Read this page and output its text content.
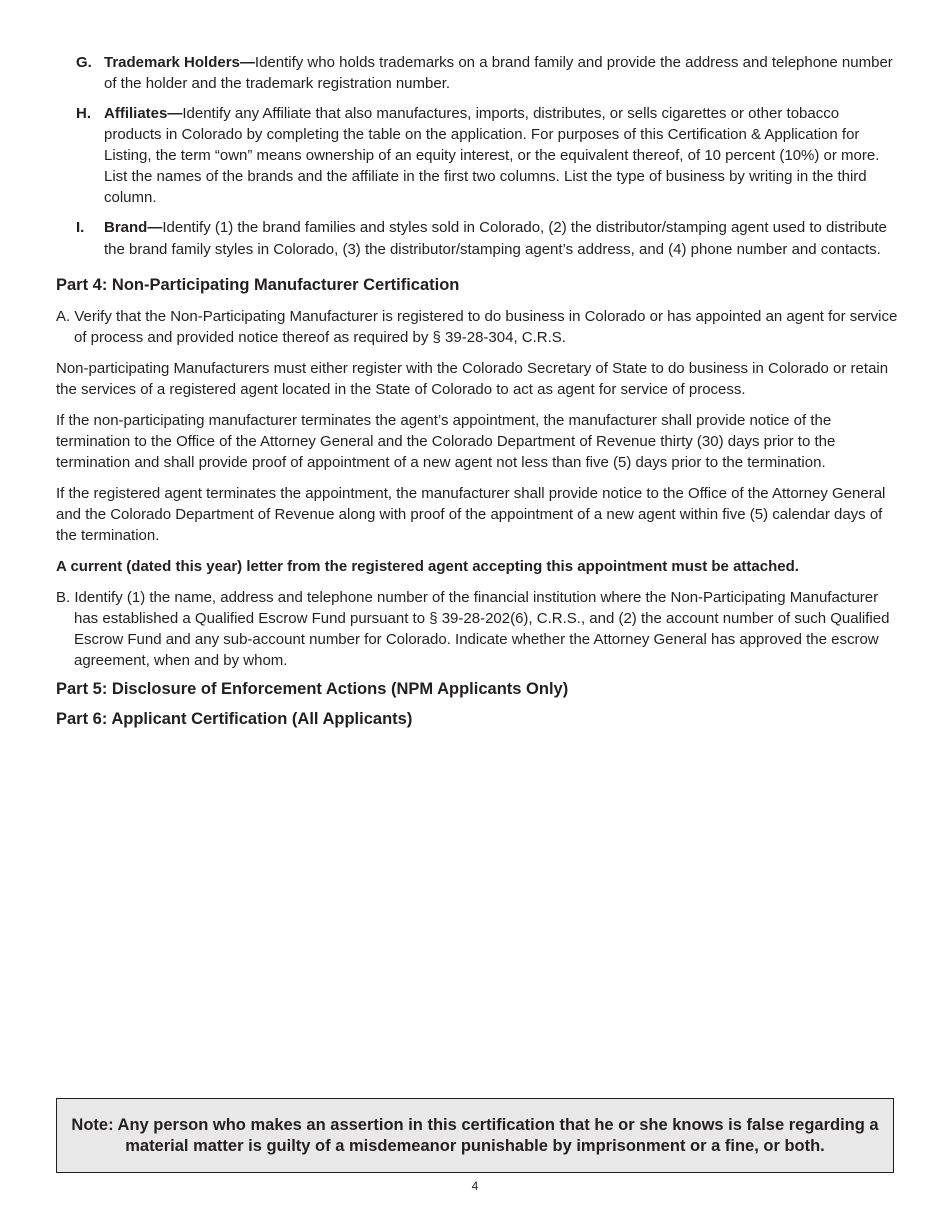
G. Trademark Holders—Identify who holds trademarks on a brand family and provide the address and telephone number of the holder and the trademark registration number.
H. Affiliates—Identify any Affiliate that also manufactures, imports, distributes, or sells cigarettes or other tobacco products in Colorado by completing the table on the application. For purposes of this Certification & Application for Listing, the term “own” means ownership of an equity interest, or the equivalent thereof, of 10 percent (10%) or more. List the names of the brands and the affiliate in the first two columns. List the type of business by writing in the third column.
I.	Brand—Identify (1) the brand families and styles sold in Colorado, (2) the distributor/stamping agent used to distribute the brand family styles in Colorado, (3) the distributor/stamping agent’s address, and (4) phone number and contacts.
Part 4: Non-Participating Manufacturer Certification

A. Verify that the Non-Participating Manufacturer is registered to do business in Colorado or has appointed an agent for service of process and provided notice thereof as required by § 39-28-304, C.R.S.

Non-participating Manufacturers must either register with the Colorado Secretary of State to do business in Colorado or retain the services of a registered agent located in the State of Colorado to act as agent for service of process.

If the non-participating manufacturer terminates the agent’s appointment, the manufacturer shall provide notice of the termination to the Office of the Attorney General and the Colorado Department of Revenue thirty (30) days prior to the termination and shall provide proof of appointment of a new agent not less than five (5) days prior to the termination.

If the registered agent terminates the appointment, the manufacturer shall provide notice to the Office of the Attorney General and the Colorado Department of Revenue along with proof of the appointment of a new agent within five (5) calendar days of the termination.

A current (dated this year) letter from the registered agent accepting this appointment must be attached.

B. Identify (1) the name, address and telephone number of the financial institution where the Non-Participating Manufacturer has established a Qualified Escrow Fund pursuant to § 39-28-202(6), C.R.S., and (2) the account number of such Qualified Escrow Fund and any sub-account number for Colorado. Indicate whether the Attorney General has approved the escrow agreement, when and by whom.

Part 5: Disclosure of Enforcement Actions (NPM Applicants Only)
Part 6: Applicant Certification (All Applicants)

Note: Any person who makes an assertion in this certification that he or she knows is false regarding a material matter is guilty of a misdemeanor punishable by imprisonment or a fine, or both.

4
